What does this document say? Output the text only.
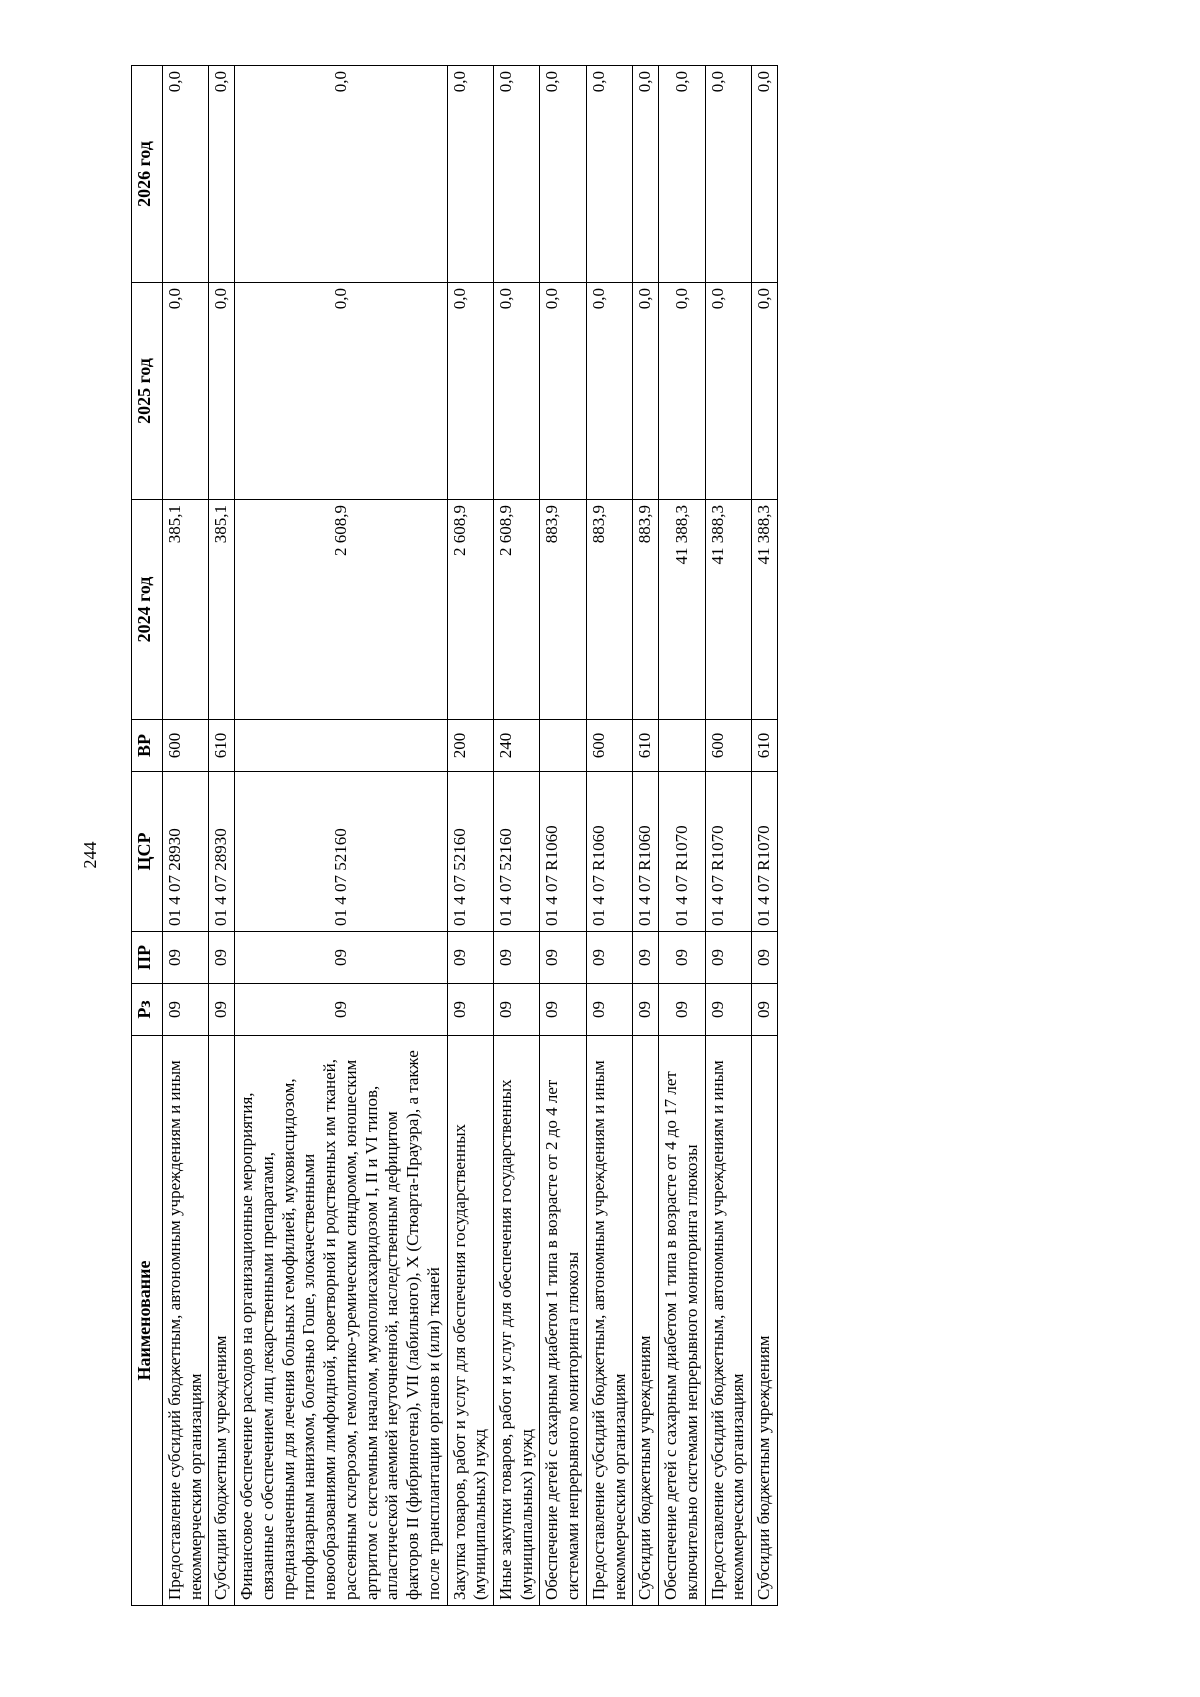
244
Наименование	Рз	ПР	ЦСР	ВР	2024 год	2025 год	2026 год
Предоставление субсидий бюджетным, автономным учреждениям и иным некоммерческим организациям	09	09	01 4 07 28930	600	385,1	0,0	0,0
Субсидии бюджетным учреждениям	09	09	01 4 07 28930	610	385,1	0,0	0,0
Финансовое обеспечение расходов на организационные мероприятия, связанные с обеспечением лиц лекарственными препаратами, предназначенными для лечения больных гемофилией, муковисцидозом, гипофизарным нанизмом, болезнью Гоше, злокачественными новообразованиями лимфоидной, кроветворной и родственных им тканей, рассеянным склерозом, гемолитико-уремическим синдромом, юношеским артритом с системным началом, мукополисахаридозом I, II и VI типов, апластической анемией неуточненной, наследственным дефицитом факторов II (фибриногена), VII (лабильного), X (Стюарта-Прауэра), а также после трансплантации органов и (или) тканей	09	09	01 4 07 52160		2 608,9	0,0	0,0
Закупка товаров, работ и услуг для обеспечения государственных (муниципальных) нужд	09	09	01 4 07 52160	200	2 608,9	0,0	0,0
Иные закупки товаров, работ и услуг для обеспечения государственных (муниципальных) нужд	09	09	01 4 07 52160	240	2 608,9	0,0	0,0
Обеспечение детей с сахарным диабетом 1 типа в возрасте от 2 до 4 лет системами непрерывного мониторинга глюкозы	09	09	01 4 07 R1060		883,9	0,0	0,0
Предоставление субсидий бюджетным, автономным учреждениям и иным некоммерческим организациям	09	09	01 4 07 R1060	600	883,9	0,0	0,0
Субсидии бюджетным учреждениям	09	09	01 4 07 R1060	610	883,9	0,0	0,0
Обеспечение детей с сахарным диабетом 1 типа в возрасте от 4 до 17 лет включительно системами непрерывного мониторинга глюкозы	09	09	01 4 07 R1070		41 388,3	0,0	0,0
Предоставление субсидий бюджетным, автономным учреждениям и иным некоммерческим организациям	09	09	01 4 07 R1070	600	41 388,3	0,0	0,0
Субсидии бюджетным учреждениям	09	09	01 4 07 R1070	610	41 388,3	0,0	0,0
